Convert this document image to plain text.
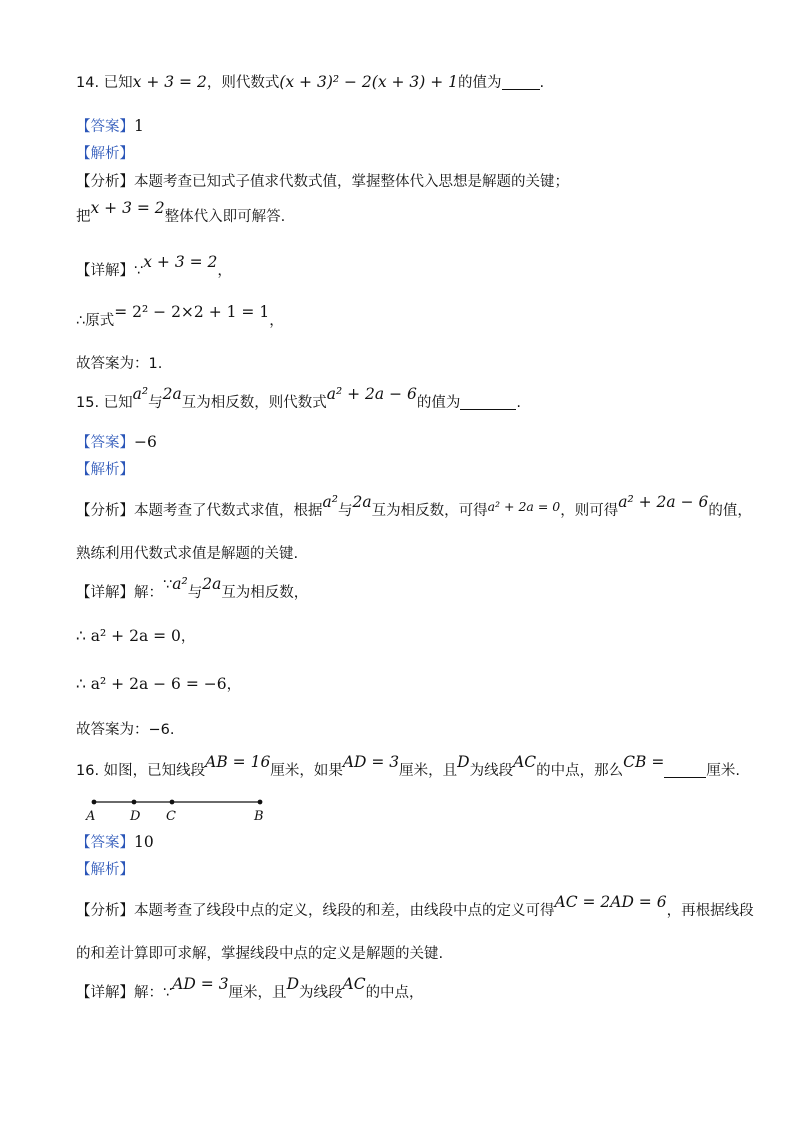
14. 已知x + 3 = 2，则代数式(x + 3)² − 2(x + 3) + 1的值为	.
【答案】1
【解析】
【分析】本题考查已知式子值求代数式值，掌握整体代入思想是解题的关键；
把x + 3 = 2整体代入即可解答.
【详解】∵x + 3 = 2，
∴原式= 2² − 2×2 + 1 = 1，
故答案为：1.
15. 已知a²与2a互为相反数，则代数式a² + 2a − 6的值为	.
【答案】−6
【解析】
【分析】本题考查了代数式求值，根据a²与2a互为相反数，可得a² + 2a = 0，则可得a² + 2a − 6的值，
熟练利用代数式求值是解题的关键.
【详解】解：∵a²与2a互为相反数，
∴ a² + 2a = 0，
∴ a² + 2a − 6 = −6，
故答案为：−6.
16. 如图，已知线段AB = 16厘米，如果AD = 3厘米，且D为线段AC的中点，那么CB =	厘米.
A	D C	B
【答案】10
【解析】
【分析】本题考查了线段中点的定义，线段的和差，由线段中点的定义可得AC = 2AD = 6，再根据线段
的和差计算即可求解，掌握线段中点的定义是解题的关键.
【详解】解：∵AD = 3厘米，且D为线段AC的中点，
